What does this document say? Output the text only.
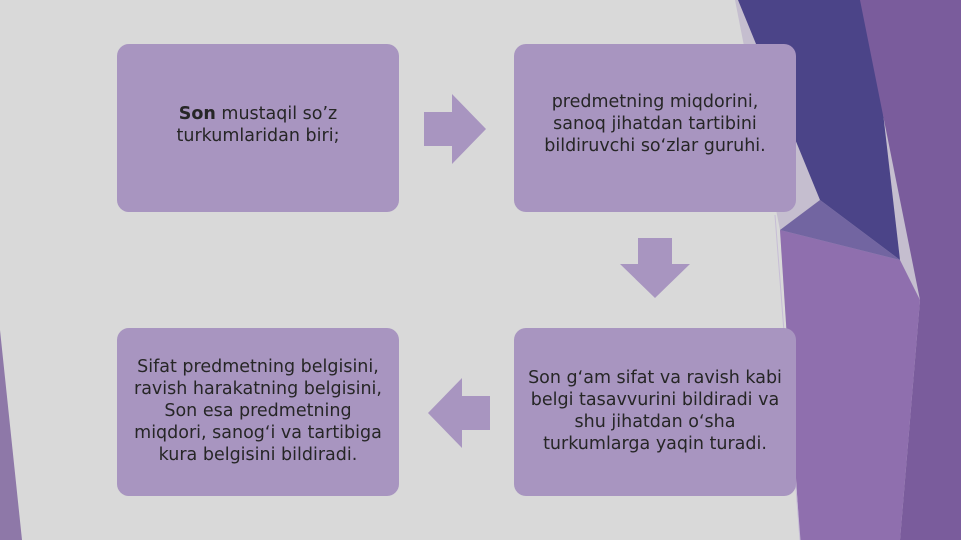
Son mustaqil so’z turkumlaridan biri;
predmetning miqdorini, sanoq jihatdan tartibini bildiruvchi soʻzlar guruhi.
Son gʻam sifat va ravish kabi belgi tasavvurini bildiradi va shu jihatdan oʻsha turkumlarga yaqin turadi.
Sifat predmetning belgisini, ravish harakatning belgisini, Son esa predmetning miqdori, sanogʻi va tartibiga kura belgisini bildiradi.
